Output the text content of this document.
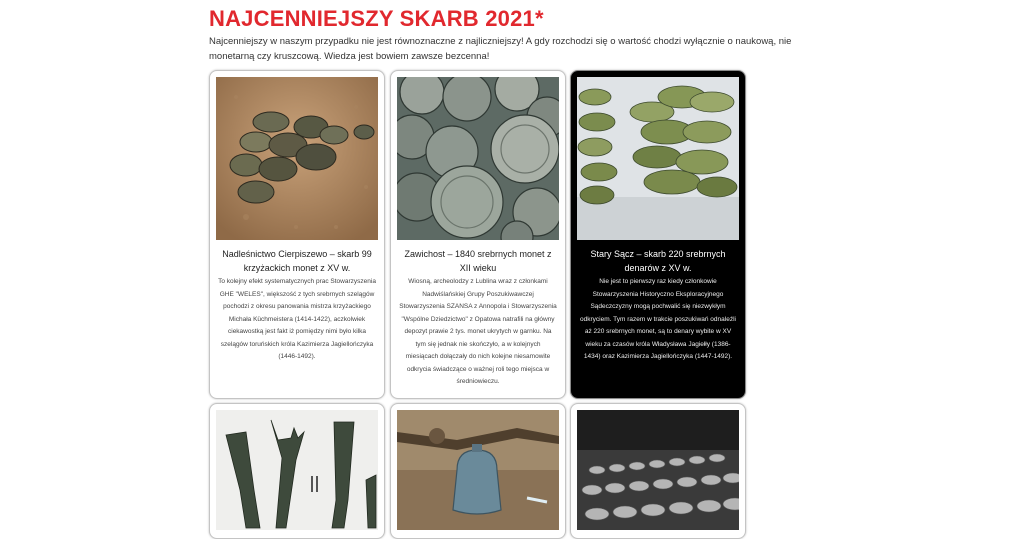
NAJCENNIEJSZY SKARB 2021*

Najcenniejszy w naszym przypadku nie jest równoznaczne z najliczniejszy! A gdy rozchodzi się o wartość chodzi wyłącznie o naukową, nie monetarną czy kruszcową. Wiedza jest bowiem zawsze bezcenna!

Nadleśnictwo Cierpiszewo – skarb 99 krzyżackich monet z XV w.

To kolejny efekt systematycznych prac Stowarzyszenia GHE "WELES", większość z tych srebrnych szelągów pochodzi z okresu panowania mistrza krzyżackiego Michała Küchmeistera (1414-1422), aczkolwiek ciekawostką jest fakt iż pomiędzy nimi było kilka szelągów toruńskich króla Kazimierza Jagiellończyka (1446-1492).

Zawichost – 1840 srebrnych monet z XII wieku

Wiosną, archeolodzy z Lublina wraz z członkami Nadwiślańskiej Grupy Poszukiwawczej Stowarzyszenia SZANSA z Annopola i Stowarzyszenia "Wspólne Dziedzictwo" z Opatowa natrafili na główny depozyt prawie 2 tys. monet ukrytych w garnku. Na tym się jednak nie skończyło, a w kolejnych miesiącach dołączały do nich kolejne niesamowite odkrycia świadczące o ważnej roli tego miejsca w średniowieczu.

Stary Sącz – skarb 220 srebrnych denarów z XV w.

Nie jest to pierwszy raz kiedy członkowie Stowarzyszenia Historyczno Eksploracyjnego Sądeczczyzny mogą pochwalić się niezwykłym odkryciem. Tym razem w trakcie poszukiwań odnaleźli aż 220 srebrnych monet, są to denary wybite w XV wieku za czasów króla Władysława Jagiełły (1386-1434) oraz Kazimierza Jagiellończyka (1447-1492).
